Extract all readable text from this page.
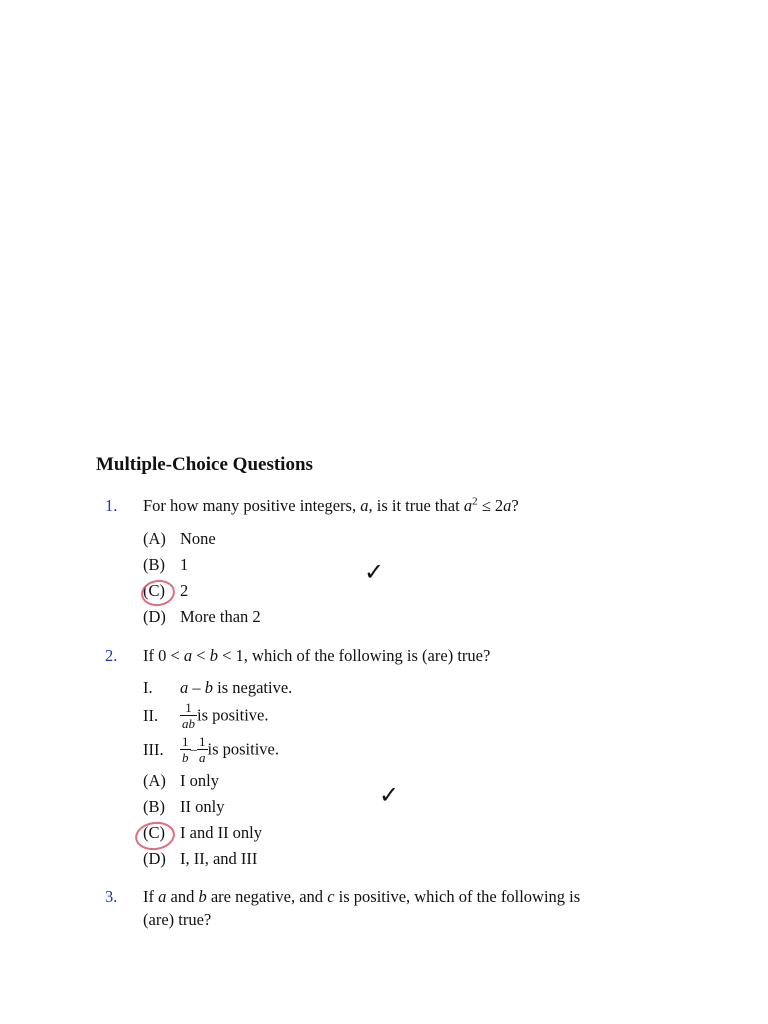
Multiple-Choice Questions
1. For how many positive integers, a, is it true that $a^2 \le 2a$?
(A) None
(B) 1
(C) 2
(D) More than 2
✓
2. If 0 < a < b < 1, which of the following is (are) true?
I. a – b is negative.
II. $\frac{1}{ab}$ is positive.
III. $\frac{1}{b} - \frac{1}{a}$ is positive.
(A) I only
(B) II only
(C) I and II only
(D) I, II, and III
✓
3. If a and b are negative, and c is positive, which of the following is
(are) true?
